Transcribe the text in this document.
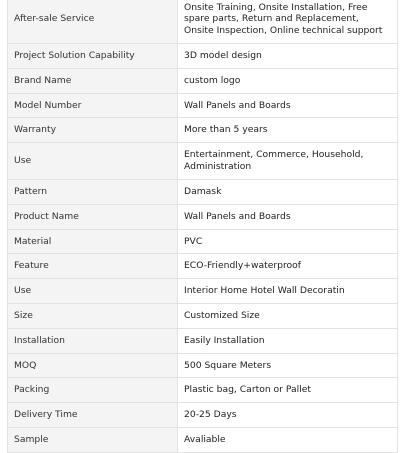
After-sale Service	Onsite Training, Onsite Installation, Free spare parts, Return and Replacement, Onsite Inspection, Online technical support
Project Solution Capability	3D model design
Brand Name	custom logo
Model Number	Wall Panels and Boards
Warranty	More than 5 years
Use	Entertainment, Commerce, Household, Administration
Pattern	Damask
Product Name	Wall Panels and Boards
Material	PVC
Feature	ECO-Friendly+waterproof
Use	Interior Home Hotel Wall Decoratin
Size	Customized Size
Installation	Easily Installation
MOQ	500 Square Meters
Packing	Plastic bag, Carton or Pallet
Delivery Time	20-25 Days
Sample	Avaliable
